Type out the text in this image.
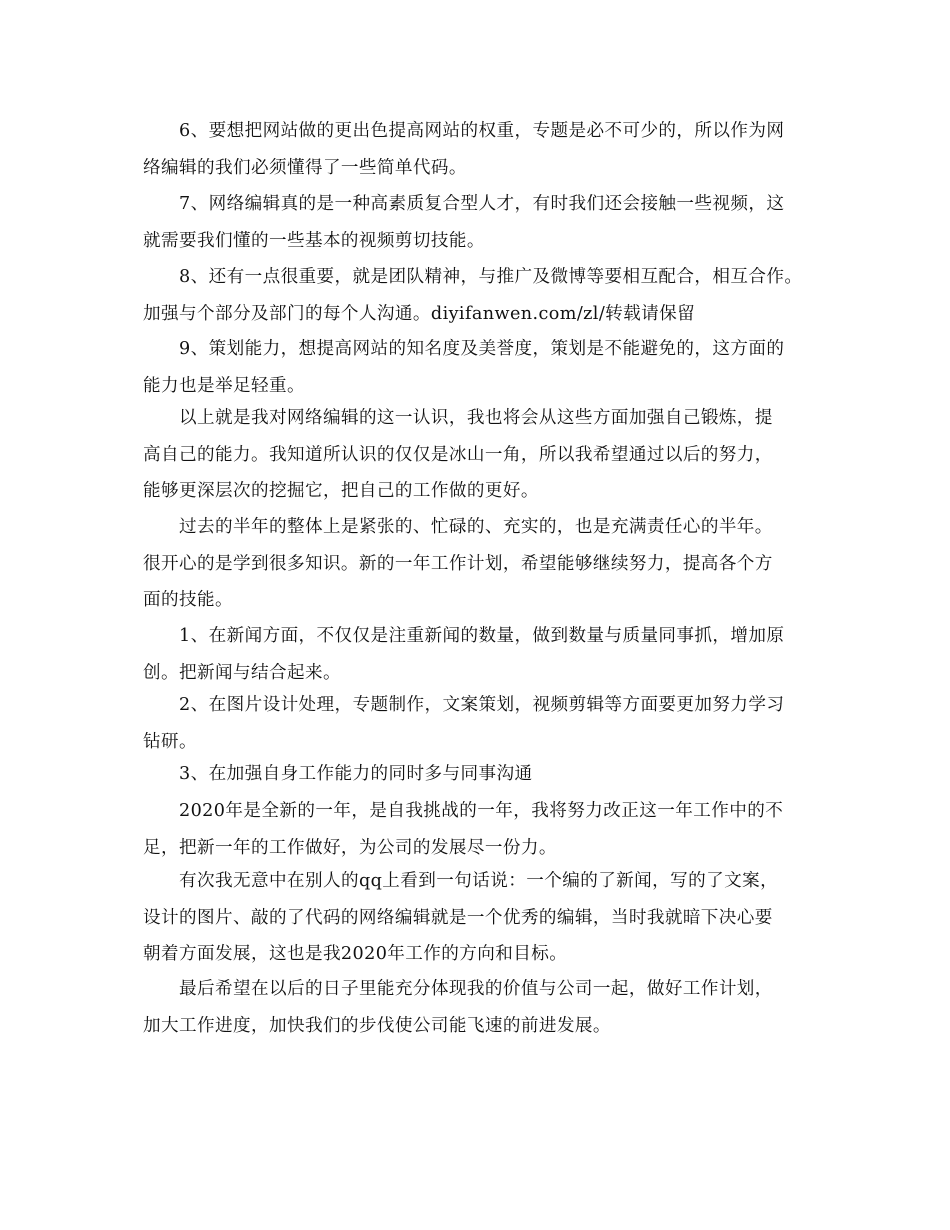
6、要想把网站做的更出色提高网站的权重，专题是必不可少的，所以作为网
络编辑的我们必须懂得了一些简单代码。

7、网络编辑真的是一种高素质复合型人才，有时我们还会接触一些视频，这
就需要我们懂的一些基本的视频剪切技能。

8、还有一点很重要，就是团队精神，与推广及微博等要相互配合，相互合作。
加强与个部分及部门的每个人沟通。diyifanwen.com/zl/转载请保留

9、策划能力，想提高网站的知名度及美誉度，策划是不能避免的，这方面的
能力也是举足轻重。

以上就是我对网络编辑的这一认识，我也将会从这些方面加强自己锻炼，提
高自己的能力。我知道所认识的仅仅是冰山一角，所以我希望通过以后的努力，
能够更深层次的挖掘它，把自己的工作做的更好。

过去的半年的整体上是紧张的、忙碌的、充实的，也是充满责任心的半年。
很开心的是学到很多知识。新的一年工作计划，希望能够继续努力，提高各个方
面的技能。

1、在新闻方面，不仅仅是注重新闻的数量，做到数量与质量同事抓，增加原
创。把新闻与结合起来。

2、在图片设计处理，专题制作，文案策划，视频剪辑等方面要更加努力学习
钻研。

3、在加强自身工作能力的同时多与同事沟通

2020年是全新的一年，是自我挑战的一年，我将努力改正这一年工作中的不
足，把新一年的工作做好，为公司的发展尽一份力。

有次我无意中在别人的qq上看到一句话说：一个编的了新闻，写的了文案，
设计的图片、敲的了代码的网络编辑就是一个优秀的编辑，当时我就暗下决心要
朝着方面发展，这也是我2020年工作的方向和目标。

最后希望在以后的日子里能充分体现我的价值与公司一起，做好工作计划，
加大工作进度，加快我们的步伐使公司能飞速的前进发展。
